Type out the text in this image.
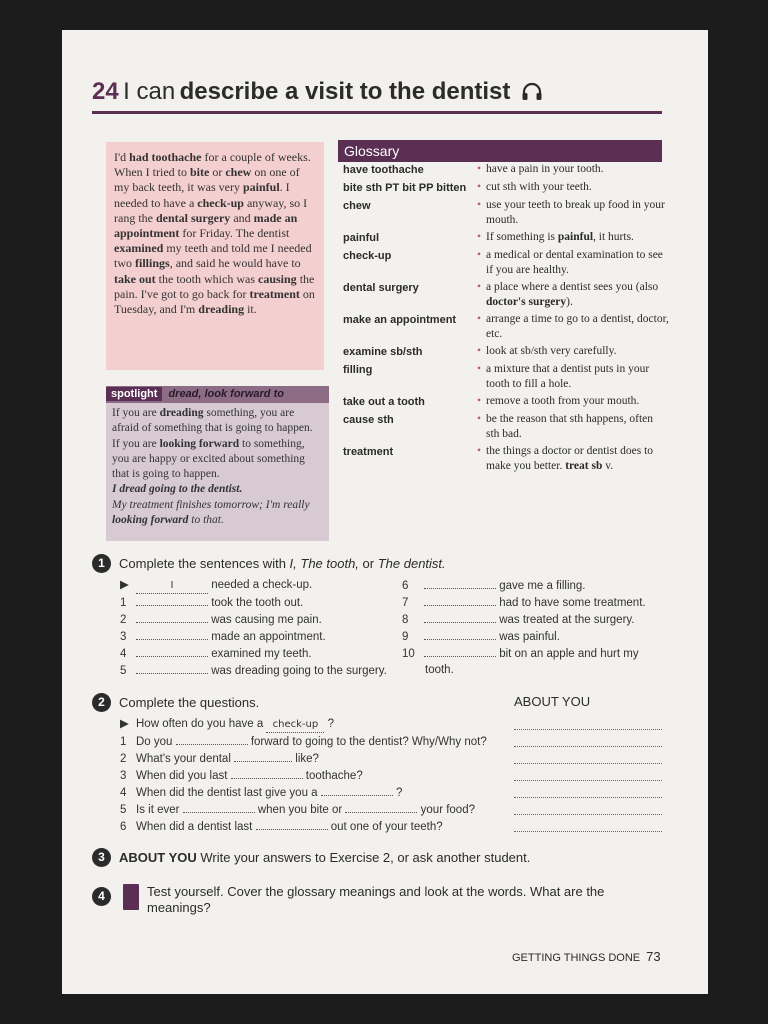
24 I can describe a visit to the dentist
I'd had toothache for a couple of weeks. When I tried to bite or chew on one of my back teeth, it was very painful. I needed to have a check-up anyway, so I rang the dental surgery and made an appointment for Friday. The dentist examined my teeth and told me I needed two fillings, and said he would have to take out the tooth which was causing the pain. I've got to go back for treatment on Tuesday, and I'm dreading it.
spotlight dread, look forward to
If you are dreading something, you are afraid of something that is going to happen. If you are looking forward to something, you are happy or excited about something that is going to happen.
I dread going to the dentist.
My treatment finishes tomorrow; I'm really looking forward to that.
Glossary
have toothache	• have a pain in your tooth.
bite sth PT bit PP bitten	• cut sth with your teeth.
chew	• use your teeth to break up food in your mouth.
painful	• If something is painful, it hurts.
check-up	• a medical or dental examination to see if you are healthy.
dental surgery	• a place where a dentist sees you (also doctor's surgery).
make an appointment	• arrange a time to go to a dentist, doctor, etc.
examine sb/sth	• look at sb/sth very carefully.
filling	• a mixture that a dentist puts in your tooth to fill a hole.
take out a tooth	• remove a tooth from your mouth.
cause sth	• be the reason that sth happens, often sth bad.
treatment	• the things a doctor or dentist does to make you better. treat sb v.
1	Complete the sentences with I, The tooth, or The dentist.
▶	I	needed a check-up.
1	took the tooth out.
2	was causing me pain.
3	made an appointment.
4	examined my teeth.
5	was dreading going to the surgery.
6	gave me a filling.
7	had to have some treatment.
8	was treated at the surgery.
9	was painful.
10	bit on an apple and hurt my
tooth.
2	Complete the questions.	ABOUT YOU
▶ How often do you have a check-up ?
1 Do you	forward to going to the dentist? Why/Why not?
2 What's your dental	like?
3 When did you last	toothache?
4 When did the dentist last give you a	?
5 Is it ever	when you bite or	your food?
6 When did a dentist last	out one of your teeth?
3	ABOUT YOU Write your answers to Exercise 2, or ask another student.
4	Test yourself. Cover the glossary meanings and look at the words. What are the meanings?
GETTING THINGS DONE 73
